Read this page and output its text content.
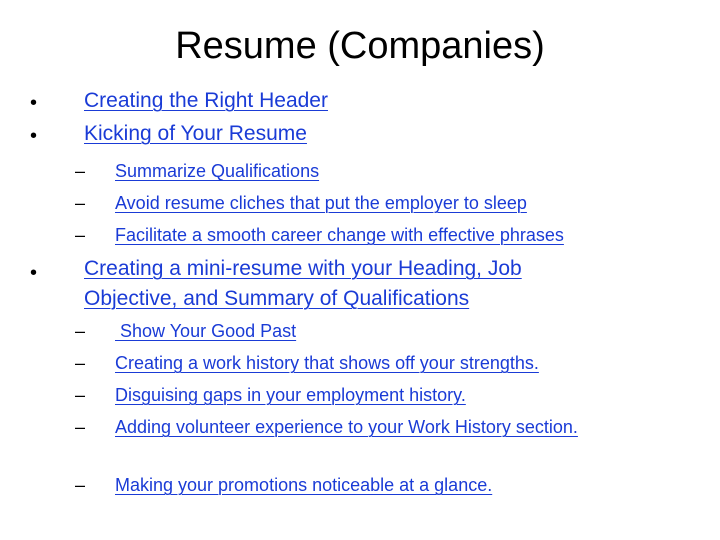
Resume (Companies)
• Creating the Right Header
• Kicking of Your Resume
– Summarize Qualifications
– Avoid resume cliches that put the employer to sleep
– Facilitate a smooth career change with effective phrases
• Creating a mini-resume with your Heading, Job Objective, and Summary of Qualifications
– Show Your Good Past
– Creating a work history that shows off your strengths.
– Disguising gaps in your employment history.
– Adding volunteer experience to your Work History section.
– Making your promotions noticeable at a glance.
